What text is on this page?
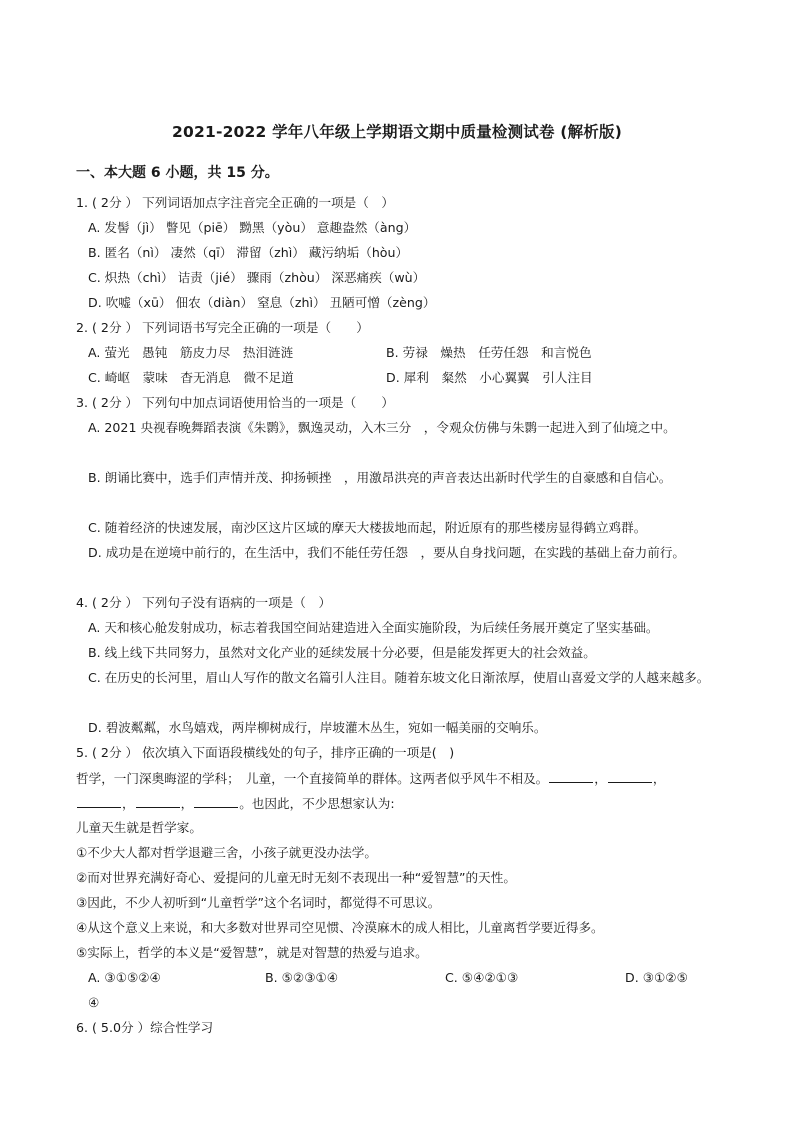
2021-2022 学年八年级上学期语文期中质量检测试卷 (解析版)
一、本大题 6 小题，共 15 分。
1. ( 2分 ） 下列词语加点字注音完全正确的一项是（　）
A. 发髻（jì） 瞥见（piē） 黝黑（yòu） 意趣盎然（àng）
B. 匿名（nì） 凄然（qī） 滞留（zhì） 藏污纳垢（hòu）
C. 炽热（chì） 诘责（jié） 骤雨（zhòu） 深恶痛疾（wù）
D. 吹嘘（xū） 佃农（diàn） 窒息（zhì） 丑陋可憎（zèng）
2. ( 2分 ） 下列词语书写完全正确的一项是（　　）
A. 萤光　愚钝　筋皮力尽　热泪涟涟	B. 劳禄　燥热　任劳任怨　和言悦色
C. 崎岖　蒙味　杳无消息　微不足道	D. 犀利　粲然　小心翼翼　引人注目
3. ( 2分 ） 下列句中加点词语使用恰当的一项是（　　）
A. 2021 央视春晚舞蹈表演《朱鹮》，飘逸灵动，入木三分　，令观众仿佛与朱鹮一起进入到了仙境之中。
B. 朗诵比赛中，选手们声情并茂、抑扬顿挫　，用激昂洪亮的声音表达出新时代学生的自豪感和自信心。
C. 随着经济的快速发展，南沙区这片区域的摩天大楼拔地而起，附近原有的那些楼房显得鹤立鸡群。
D. 成功是在逆境中前行的，在生活中，我们不能任劳任怨　，要从自身找问题，在实践的基础上奋力前行。
4. ( 2分 ） 下列句子没有语病的一项是（　）
A. 天和核心舱发射成功，标志着我国空间站建造进入全面实施阶段，为后续任务展开奠定了坚实基础。
B. 线上线下共同努力，虽然对文化产业的延续发展十分必要，但是能发挥更大的社会效益。
C. 在历史的长河里，眉山人写作的散文名篇引人注目。随着东坡文化日渐浓厚，使眉山喜爱文学的人越来越多。
D. 碧波粼粼，水鸟嬉戏，两岸柳树成行，岸坡灌木丛生，宛如一幅美丽的交响乐。
5. ( 2分 ） 依次填入下面语段横线处的句子，排序正确的一项是(　)
哲学，一门深奥晦涩的学科；　儿童，一个直接简单的群体。这两者似乎风牛不相及。	，	，
，	，	。也因此，不少思想家认为:
儿童天生就是哲学家。
①不少大人都对哲学退避三舍，小孩子就更没办法学。
②而对世界充满好奇心、爱提问的儿童无时无刻不表现出一种“爱智慧”的天性。
③因此，不少人初听到“儿童哲学”这个名词时，都觉得不可思议。
④从这个意义上来说，和大多数对世界司空见惯、冷漠麻木的成人相比，儿童离哲学要近得多。
⑤实际上，哲学的本义是“爱智慧”，就是对智慧的热爱与追求。
A. ③①⑤②④	B. ⑤②③①④	C. ⑤④②①③	D. ③①②⑤
④
6. ( 5.0分 ）综合性学习
